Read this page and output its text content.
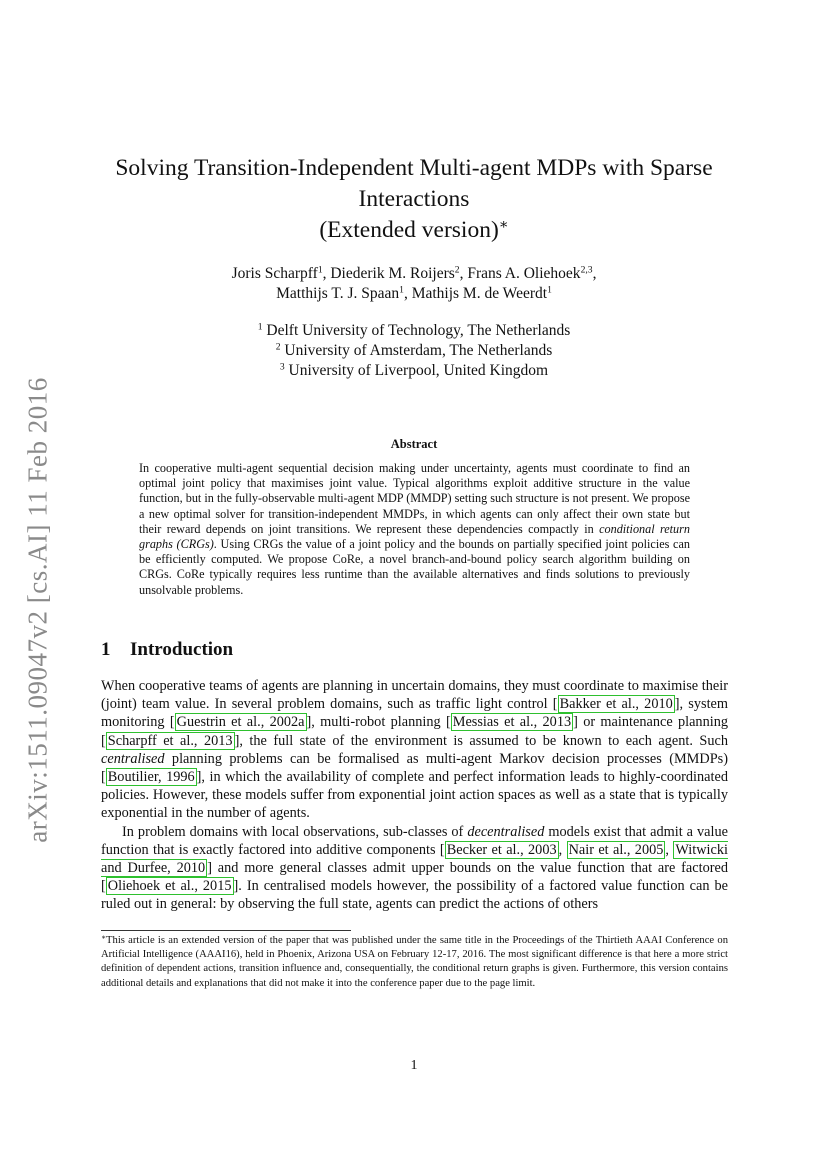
arXiv:1511.09047v2 [cs.AI] 11 Feb 2016
Solving Transition-Independent Multi-agent MDPs with Sparse
Interactions
(Extended version)∗
Joris Scharpff$^1$, Diederik M. Roijers$^2$, Frans A. Oliehoek$^{2,3}$,
Matthijs T. J. Spaan$^1$, Mathijs M. de Weerdt$^1$
$^1$ Delft University of Technology, The Netherlands
$^2$ University of Amsterdam, The Netherlands
$^3$ University of Liverpool, United Kingdom
Abstract
In cooperative multi-agent sequential decision making under uncertainty, agents must coordinate to find an optimal joint policy that maximises joint value. Typical algorithms exploit additive structure in the value function, but in the fully-observable multi-agent MDP (MMDP) setting such structure is not present. We propose a new optimal solver for transition-independent MMDPs, in which agents can only affect their own state but their reward depends on joint transitions. We represent these dependencies compactly in conditional return graphs (CRGs). Using CRGs the value of a joint policy and the bounds on partially specified joint policies can be efficiently computed. We propose CoRe, a novel branch-and-bound policy search algorithm building on CRGs. CoRe typically requires less runtime than the available alternatives and finds solutions to previously unsolvable problems.
1 Introduction

When cooperative teams of agents are planning in uncertain domains, they must coordinate to maximise their (joint) team value. In several problem domains, such as traffic light control [ Bakker et al., 2010 ], system monitoring [ Guestrin et al., 2002a ], multi-robot planning [ Messias et al., 2013 ] or maintenance planning [ Scharpff et al., 2013 ], the full state of the environment is assumed to be known to each agent. Such centralised planning problems can be formalised as multi-agent Markov decision processes (MMDPs) [ Boutilier, 1996 ], in which the availability of complete and perfect information leads to highly-coordinated policies. However, these models suffer from exponential joint action spaces as well as a state that is typically exponential in the number of agents.

In problem domains with local observations, sub-classes of decentralised models exist that admit a value function that is exactly factored into additive components [ Becker et al., 2003 , Nair et al., 2005 , Witwicki and Durfee, 2010 ] and more general classes admit upper bounds on the value function that are factored [ Oliehoek et al., 2015 ]. In centralised models however, the possibility of a factored value function can be ruled out in general: by observing the full state, agents can predict the actions of others

∗This article is an extended version of the paper that was published under the same title in the Proceedings of the Thirtieth AAAI Conference on Artificial Intelligence (AAAI16), held in Phoenix, Arizona USA on February 12-17, 2016. The most significant difference is that here a more strict definition of dependent actions, transition influence and, consequentially, the conditional return graphs is given. Furthermore, this version contains additional details and explanations that did not make it into the conference paper due to the page limit.
1
